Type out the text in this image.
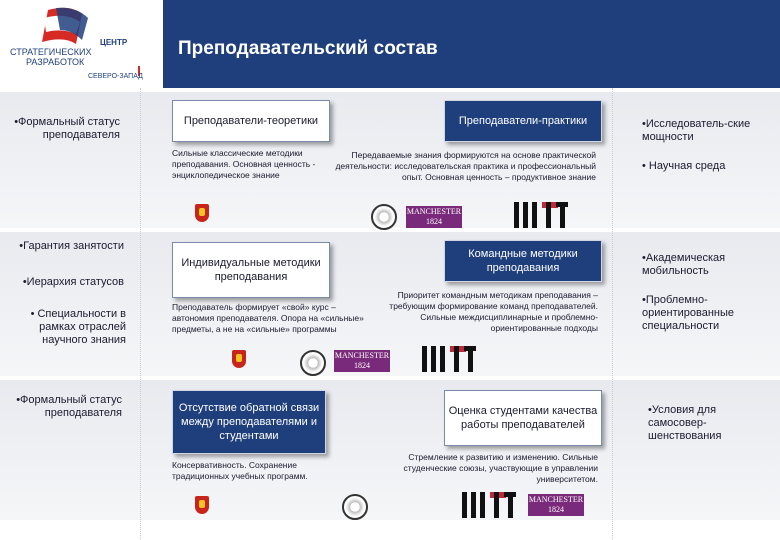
ЦЕНТР
СТРАТЕГИЧЕСКИХ
РАЗРАБОТОК
СЕВЕРО-ЗАПАД
Преподавательский состав
•Формальный статус преподавателя
Преподаватели-теоретики
Сильные классические методики преподавания. Основная ценность - энциклопедическое знание
Преподаватели-практики
Передаваемые знания формируются на основе практической деятельности: исследовательская практика и профессиональный опыт. Основная ценность – продуктивное знание
•Исследователь-ские мощности
• Научная среда
MANCHESTER
1824
•Гарантия занятости
•Иерархия статусов
• Специальности в рамках отраслей научного знания
Индивидуальные методики преподавания
Преподаватель формирует «свой» курс – автономия преподавателя. Опора на «сильные» предметы, а не на «сильные» программы
Командные методики преподавания
Приоритет командным методикам преподавания – требующим формирование команд преподавателей. Сильные междисциплинарные и проблемно-ориентированные подходы
•Академическая мобильность
•Проблемно-ориентированные специальности
MANCHESTER
1824
•Формальный статус преподавателя	Отсутствие обратной связи между преподавателями и студентами
Консервативность. Сохранение традиционных учебных программ.
Оценка студентами качества работы преподавателей
Стремление к развитию и изменению. Сильные студенческие союзы, участвующие в управлении университетом.
•Условия для самосовер-шенствования
MANCHESTER
1824
